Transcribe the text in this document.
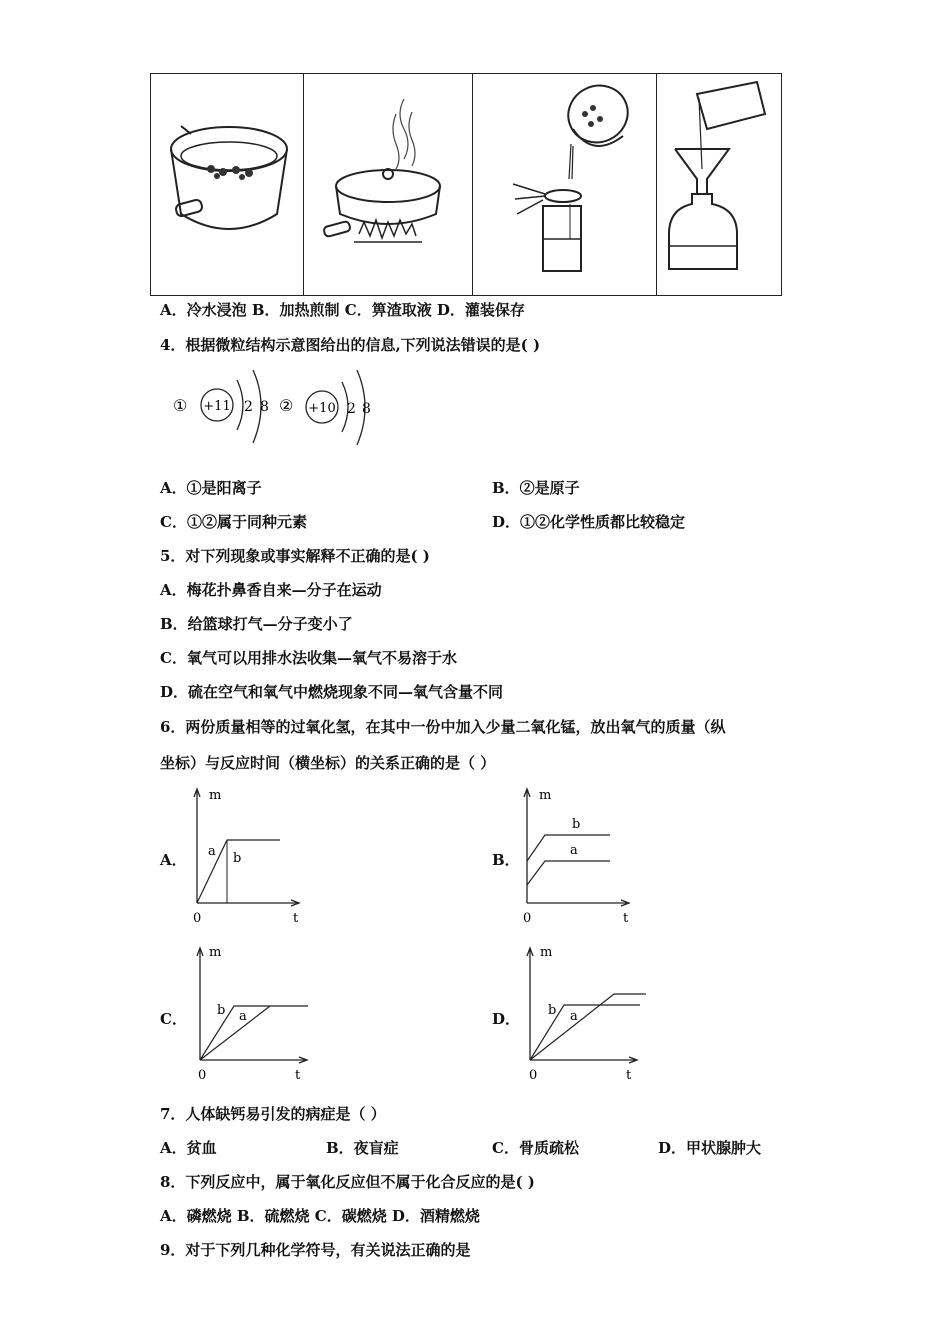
A．冷水浸泡 B．加热煎制 C．箅渣取液 D．灌装保存
4．根据微粒结构示意图给出的信息,下列说法错误的是( )
① +11 2 8 ② +10 2 8
A．①是阳离子	B．②是原子
C．①②属于同种元素	D．①②化学性质都比较稳定
5．对下列现象或事实解释不正确的是( )
A．梅花扑鼻香自来—分子在运动
B．给篮球打气—分子变小了
C．氧气可以用排水法收集—氧气不易溶于水
D．硫在空气和氧气中燃烧现象不同—氧气含量不同
6．两份质量相等的过氧化氢，在其中一份中加入少量二氧化锰，放出氧气的质量（纵
坐标）与反应时间（横坐标）的关系正确的是（ ）
A．
m
t
0
a b	B．
m
t
0
b
a
C．
m
t
0
b a	D．
m
t
0
b a
7．人体缺钙易引发的病症是（ ）
A．贫血	B．夜盲症	C．骨质疏松	D．甲状腺肿大
8．下列反应中，属于氧化反应但不属于化合反应的是( )
A．磷燃烧 B．硫燃烧 C．碳燃烧 D．酒精燃烧
9．对于下列几种化学符号，有关说法正确的是
